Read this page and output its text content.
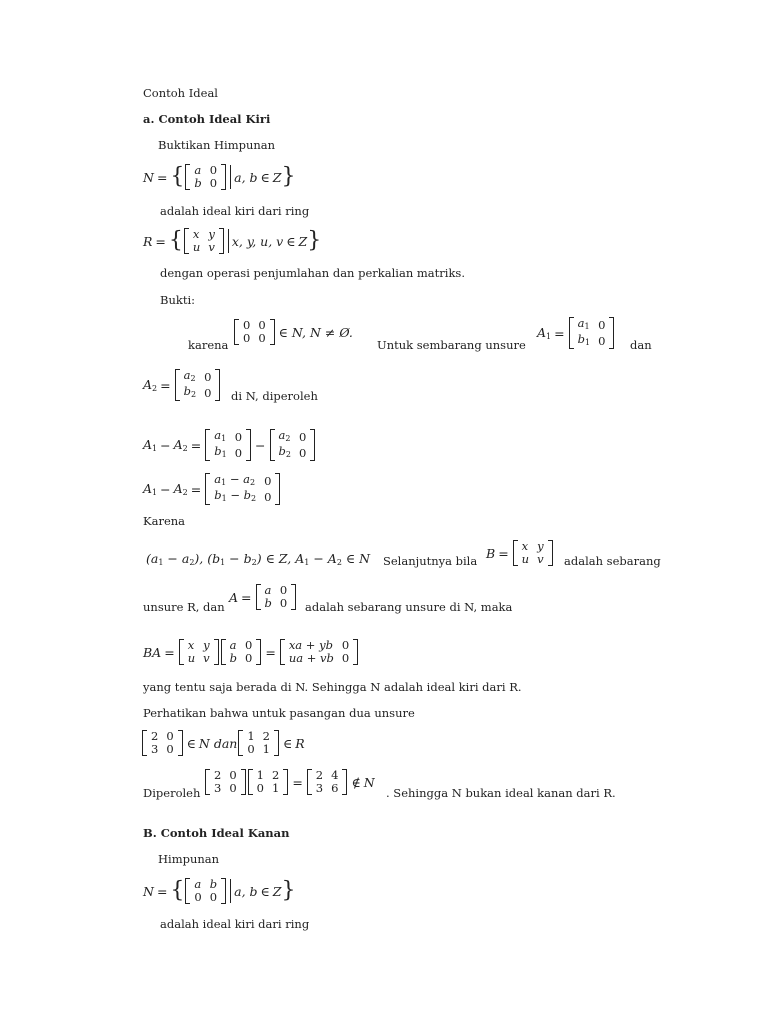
Contoh Ideal
a. Contoh Ideal Kiri
Buktikan Himpunan
N = { a	0
b	0 a, b ∈ Z }
adalah ideal kiri dari ring
R = { x	y
u	v x, y, u, v ∈ Z }
dengan operasi penjumlahan dan perkalian matriks.
Bukti:
karena
0	0
0	0 ∈ N, N ≠ Ø.
Untuk sembarang unsure
$A_1$ =
$a_1$	0
$b_1$	0 dan
$A_2$ =
$a_2$	0
$b_2$	0 di N, diperoleh
$A_1 - A_2$ =
$a_1$	0
$b_1$	0 −
$a_2$	0
$b_2$	0
$A_1 - A_2$ =
$a_1 - a_2$	0
$b_1 - b_2$	0
Karena
$(a_1 - a_2)$, $(b_1 - b_2)$ ∈ Z, $A_1 - A_2$ ∈ N Selanjutnya bila
B = x	y
u	v adalah sebarang
unsure R, dan
A = a	0
b	0 adalah sebarang unsure di N, maka
BA = x	y
u	v
a	0
b	0 = xa + yb	0
ua + vb	0
yang tentu saja berada di N. Sehingga N adalah ideal kiri dari R.
Perhatikan bahwa untuk pasangan dua unsure
2	0
3	0 ∈ N dan 1	2
0	1 ∈ R
Diperoleh
2	0
3	0
1	2
0	1 = 2	4
3	6 ∉ N
. Sehingga N bukan ideal kanan dari R.
B. Contoh Ideal Kanan
Himpunan
N = { a	b
0	0 a, b ∈ Z }
adalah ideal kiri dari ring
